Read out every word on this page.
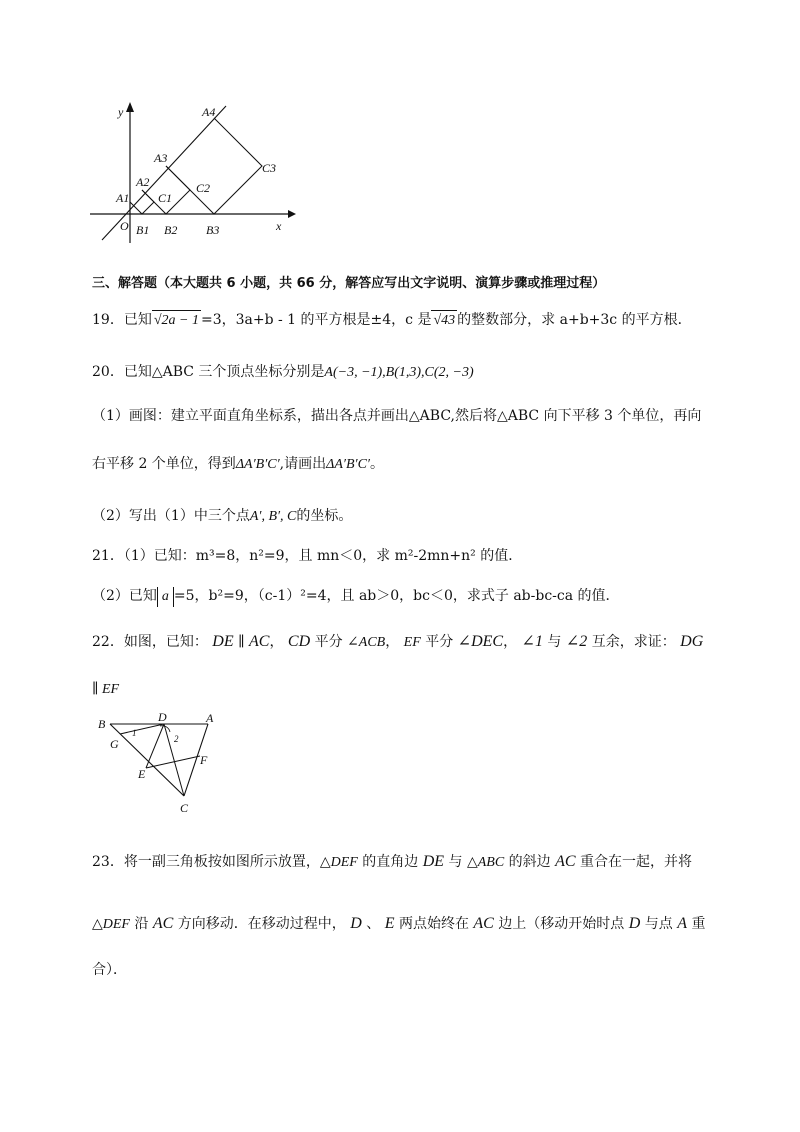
y	A4
A3
C3
A2	C2
A1 C1
O B1 B2 B3	x
三、解答题（本大题共 6 小题，共 66 分，解答应写出文字说明、演算步骤或推理过程）
19．已知 √2a − 1 =3，3a+b - 1 的平方根是±4，c 是 √43 的整数部分，求 a+b+3c 的平方根．
20．已知△ABC 三个顶点坐标分别是A(−3, −1),B(1,3),C(2, −3)
（1）画图：建立平面直角坐标系，描出各点并画出△ABC,然后将△ABC 向下平移 3 个单位，再向
右平移 2 个单位，得到ΔA′B′C′,请画出ΔA′B′C′。
（2）写出（1）中三个点A′, B′, C的坐标。
21．（1）已知：m³=8，n²=9，且 mn＜0，求 m²-2mn+n² 的值．
（2）已知 a =5，b²=9，（c-1）²=4，且 ab＞0，bc＜0，求式子 ab-bc-ca 的值．
22．如图，已知： DE ∥ AC， CD 平分 ∠ACB， EF 平分 ∠DEC， ∠1 与 ∠2 互余，求证： DG
∥ EF
B	D	A
G
1
2
F
E
C
23．将一副三角板按如图所示放置，△DEF 的直角边 DE 与 △ABC 的斜边 AC 重合在一起，并将
△DEF 沿 AC 方向移动．在移动过程中， D 、 E 两点始终在 AC 边上（移动开始时点 D 与点 A 重
合）．
